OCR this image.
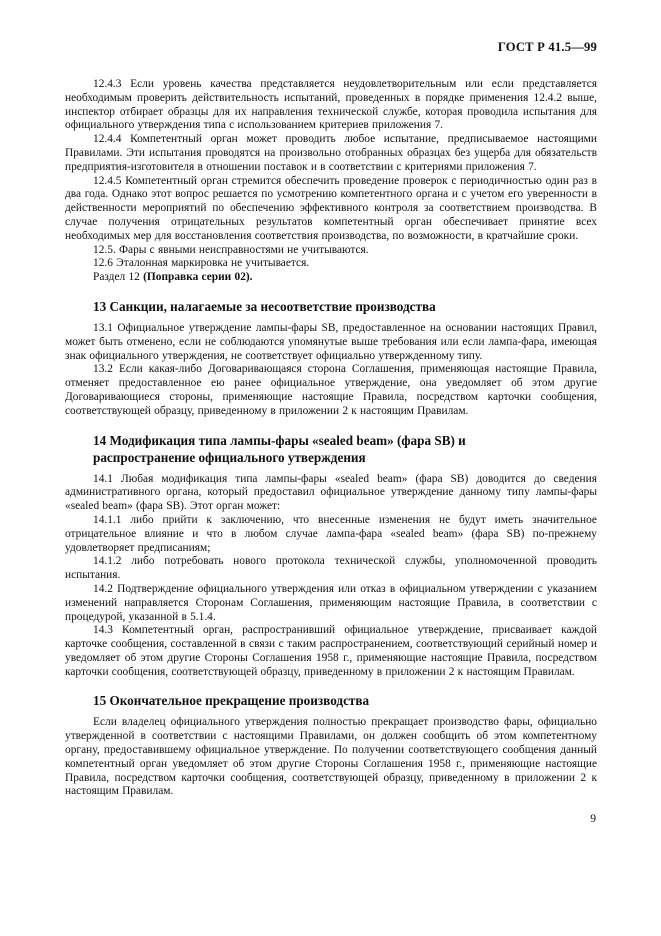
ГОСТ Р 41.5—99

12.4.3 Если уровень качества представляется неудовлетворительным или если представляется необходимым проверить действительность испытаний, проведенных в порядке применения 12.4.2 выше, инспектор отбирает образцы для их направления технической службе, которая проводила испытания для официального утверждения типа с использованием критериев приложения 7.

12.4.4 Компетентный орган может проводить любое испытание, предписываемое настоящими Правилами. Эти испытания проводятся на произвольно отобранных образцах без ущерба для обязательств предприятия-изготовителя в отношении поставок и в соответствии с критериями приложения 7.

12.4.5 Компетентный орган стремится обеспечить проведение проверок с периодичностью один раз в два года. Однако этот вопрос решается по усмотрению компетентного органа и с учетом его уверенности в действенности мероприятий по обеспечению эффективного контроля за соответствием производства. В случае получения отрицательных результатов компетентный орган обеспечивает принятие всех необходимых мер для восстановления соответствия производства, по возможности, в кратчайшие сроки.

12.5. Фары с явными неисправностями не учитываются.

12.6 Эталонная маркировка не учитывается.

Раздел 12 (Поправка серии 02).

13 Санкции, налагаемые за несоответствие производства

13.1 Официальное утверждение лампы-фары SB, предоставленное на основании настоящих Правил, может быть отменено, если не соблюдаются упомянутые выше требования или если лампа-фара, имеющая знак официального утверждения, не соответствует официально утвержденному типу.

13.2 Если какая-либо Договаривающаяся сторона Соглашения, применяющая настоящие Правила, отменяет предоставленное ею ранее официальное утверждение, она уведомляет об этом другие Договаривающиеся стороны, применяющие настоящие Правила, посредством карточки сообщения, соответствующей образцу, приведенному в приложении 2 к настоящим Правилам.

14 Модификация типа лампы-фары «sealed beam» (фара SB) и распространение официального утверждения

14.1 Любая модификация типа лампы-фары «sealed beam» (фара SB) доводится до сведения административного органа, который предоставил официальное утверждение данному типу лампы-фары «sealed beam» (фара SB). Этот орган может:

14.1.1 либо прийти к заключению, что внесенные изменения не будут иметь значительное отрицательное влияние и что в любом случае лампа-фара «sealed beam» (фара SB) по-прежнему удовлетворяет предписаниям;

14.1.2 либо потребовать нового протокола технической службы, уполномоченной проводить испытания.

14.2 Подтверждение официального утверждения или отказ в официальном утверждении с указанием изменений направляется Сторонам Соглашения, применяющим настоящие Правила, в соответствии с процедурой, указанной в 5.1.4.

14.3 Компетентный орган, распространивший официальное утверждение, присваивает каждой карточке сообщения, составленной в связи с таким распространением, соответствующий серийный номер и уведомляет об этом другие Стороны Соглашения 1958 г., применяющие настоящие Правила, посредством карточки сообщения, соответствующей образцу, приведенному в приложении 2 к настоящим Правилам.

15 Окончательное прекращение производства

Если владелец официального утверждения полностью прекращает производство фары, официально утвержденной в соответствии с настоящими Правилами, он должен сообщить об этом компетентному органу, предоставившему официальное утверждение. По получении соответствующего сообщения данный компетентный орган уведомляет об этом другие Стороны Соглашения 1958 г., применяющие настоящие Правила, посредством карточки сообщения, соответствующей образцу, приведенному в приложении 2 к настоящим Правилам.

9
